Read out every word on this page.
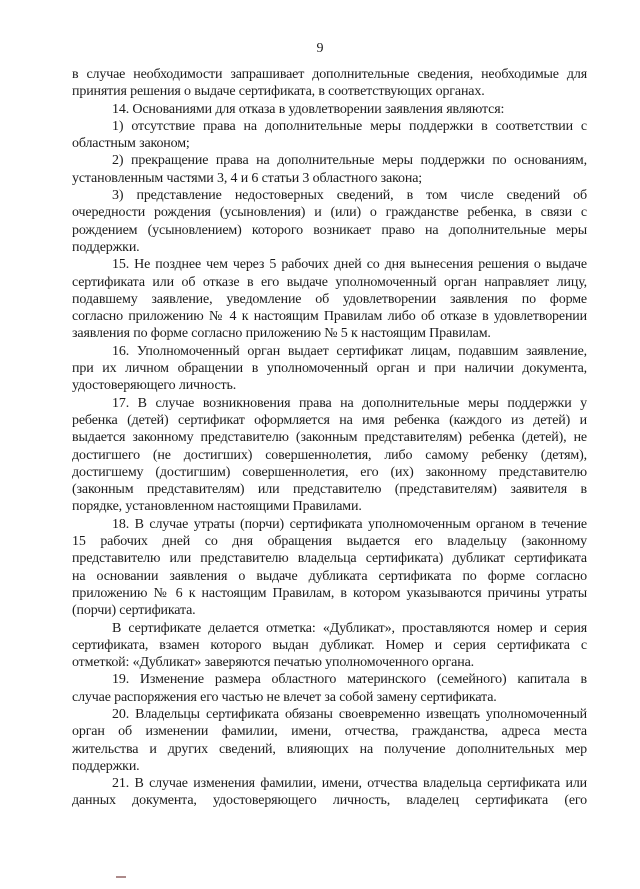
9
в случае необходимости запрашивает дополнительные сведения, необходимые для
принятия решения о выдаче сертификата, в соответствующих органах.
14. Основаниями для отказа в удовлетворении заявления являются:
1) отсутствие права на дополнительные меры поддержки в соответствии с
областным законом;
2) прекращение права на дополнительные меры поддержки по основаниям,
установленным частями 3, 4 и 6 статьи 3 областного закона;
3) представление недостоверных сведений, в том числе сведений об
очередности рождения (усыновления) и (или) о гражданстве ребенка, в связи с
рождением (усыновлением) которого возникает право на дополнительные меры
поддержки.
15. Не позднее чем через 5 рабочих дней со дня вынесения решения о выдаче
сертификата или об отказе в его выдаче уполномоченный орган направляет лицу,
подавшему заявление, уведомление об удовлетворении заявления по форме
согласно приложению № 4 к настоящим Правилам либо об отказе в удовлетворении
заявления по форме согласно приложению № 5 к настоящим Правилам.
16. Уполномоченный орган выдает сертификат лицам, подавшим заявление,
при их личном обращении в уполномоченный орган и при наличии документа,
удостоверяющего личность.
17. В случае возникновения права на дополнительные меры поддержки у
ребенка (детей) сертификат оформляется на имя ребенка (каждого из детей) и
выдается законному представителю (законным представителям) ребенка (детей), не
достигшего (не достигших) совершеннолетия, либо самому ребенку (детям),
достигшему (достигшим) совершеннолетия, его (их) законному представителю
(законным представителям) или представителю (представителям) заявителя в
порядке, установленном настоящими Правилами.
18. В случае утраты (порчи) сертификата уполномоченным органом в течение
15 рабочих дней со дня обращения выдается его владельцу (законному
представителю или представителю владельца сертификата) дубликат сертификата
на основании заявления о выдаче дубликата сертификата по форме согласно
приложению № 6 к настоящим Правилам, в котором указываются причины утраты
(порчи) сертификата.
В сертификате делается отметка: «Дубликат», проставляются номер и серия
сертификата, взамен которого выдан дубликат. Номер и серия сертификата с
отметкой: «Дубликат» заверяются печатью уполномоченного органа.
19. Изменение размера областного материнского (семейного) капитала в
случае распоряжения его частью не влечет за собой замену сертификата.
20. Владельцы сертификата обязаны своевременно извещать уполномоченный
орган об изменении фамилии, имени, отчества, гражданства, адреса места
жительства и других сведений, влияющих на получение дополнительных мер
поддержки.
21. В случае изменения фамилии, имени, отчества владельца сертификата или
данных документа, удостоверяющего личность, владелец сертификата (его
